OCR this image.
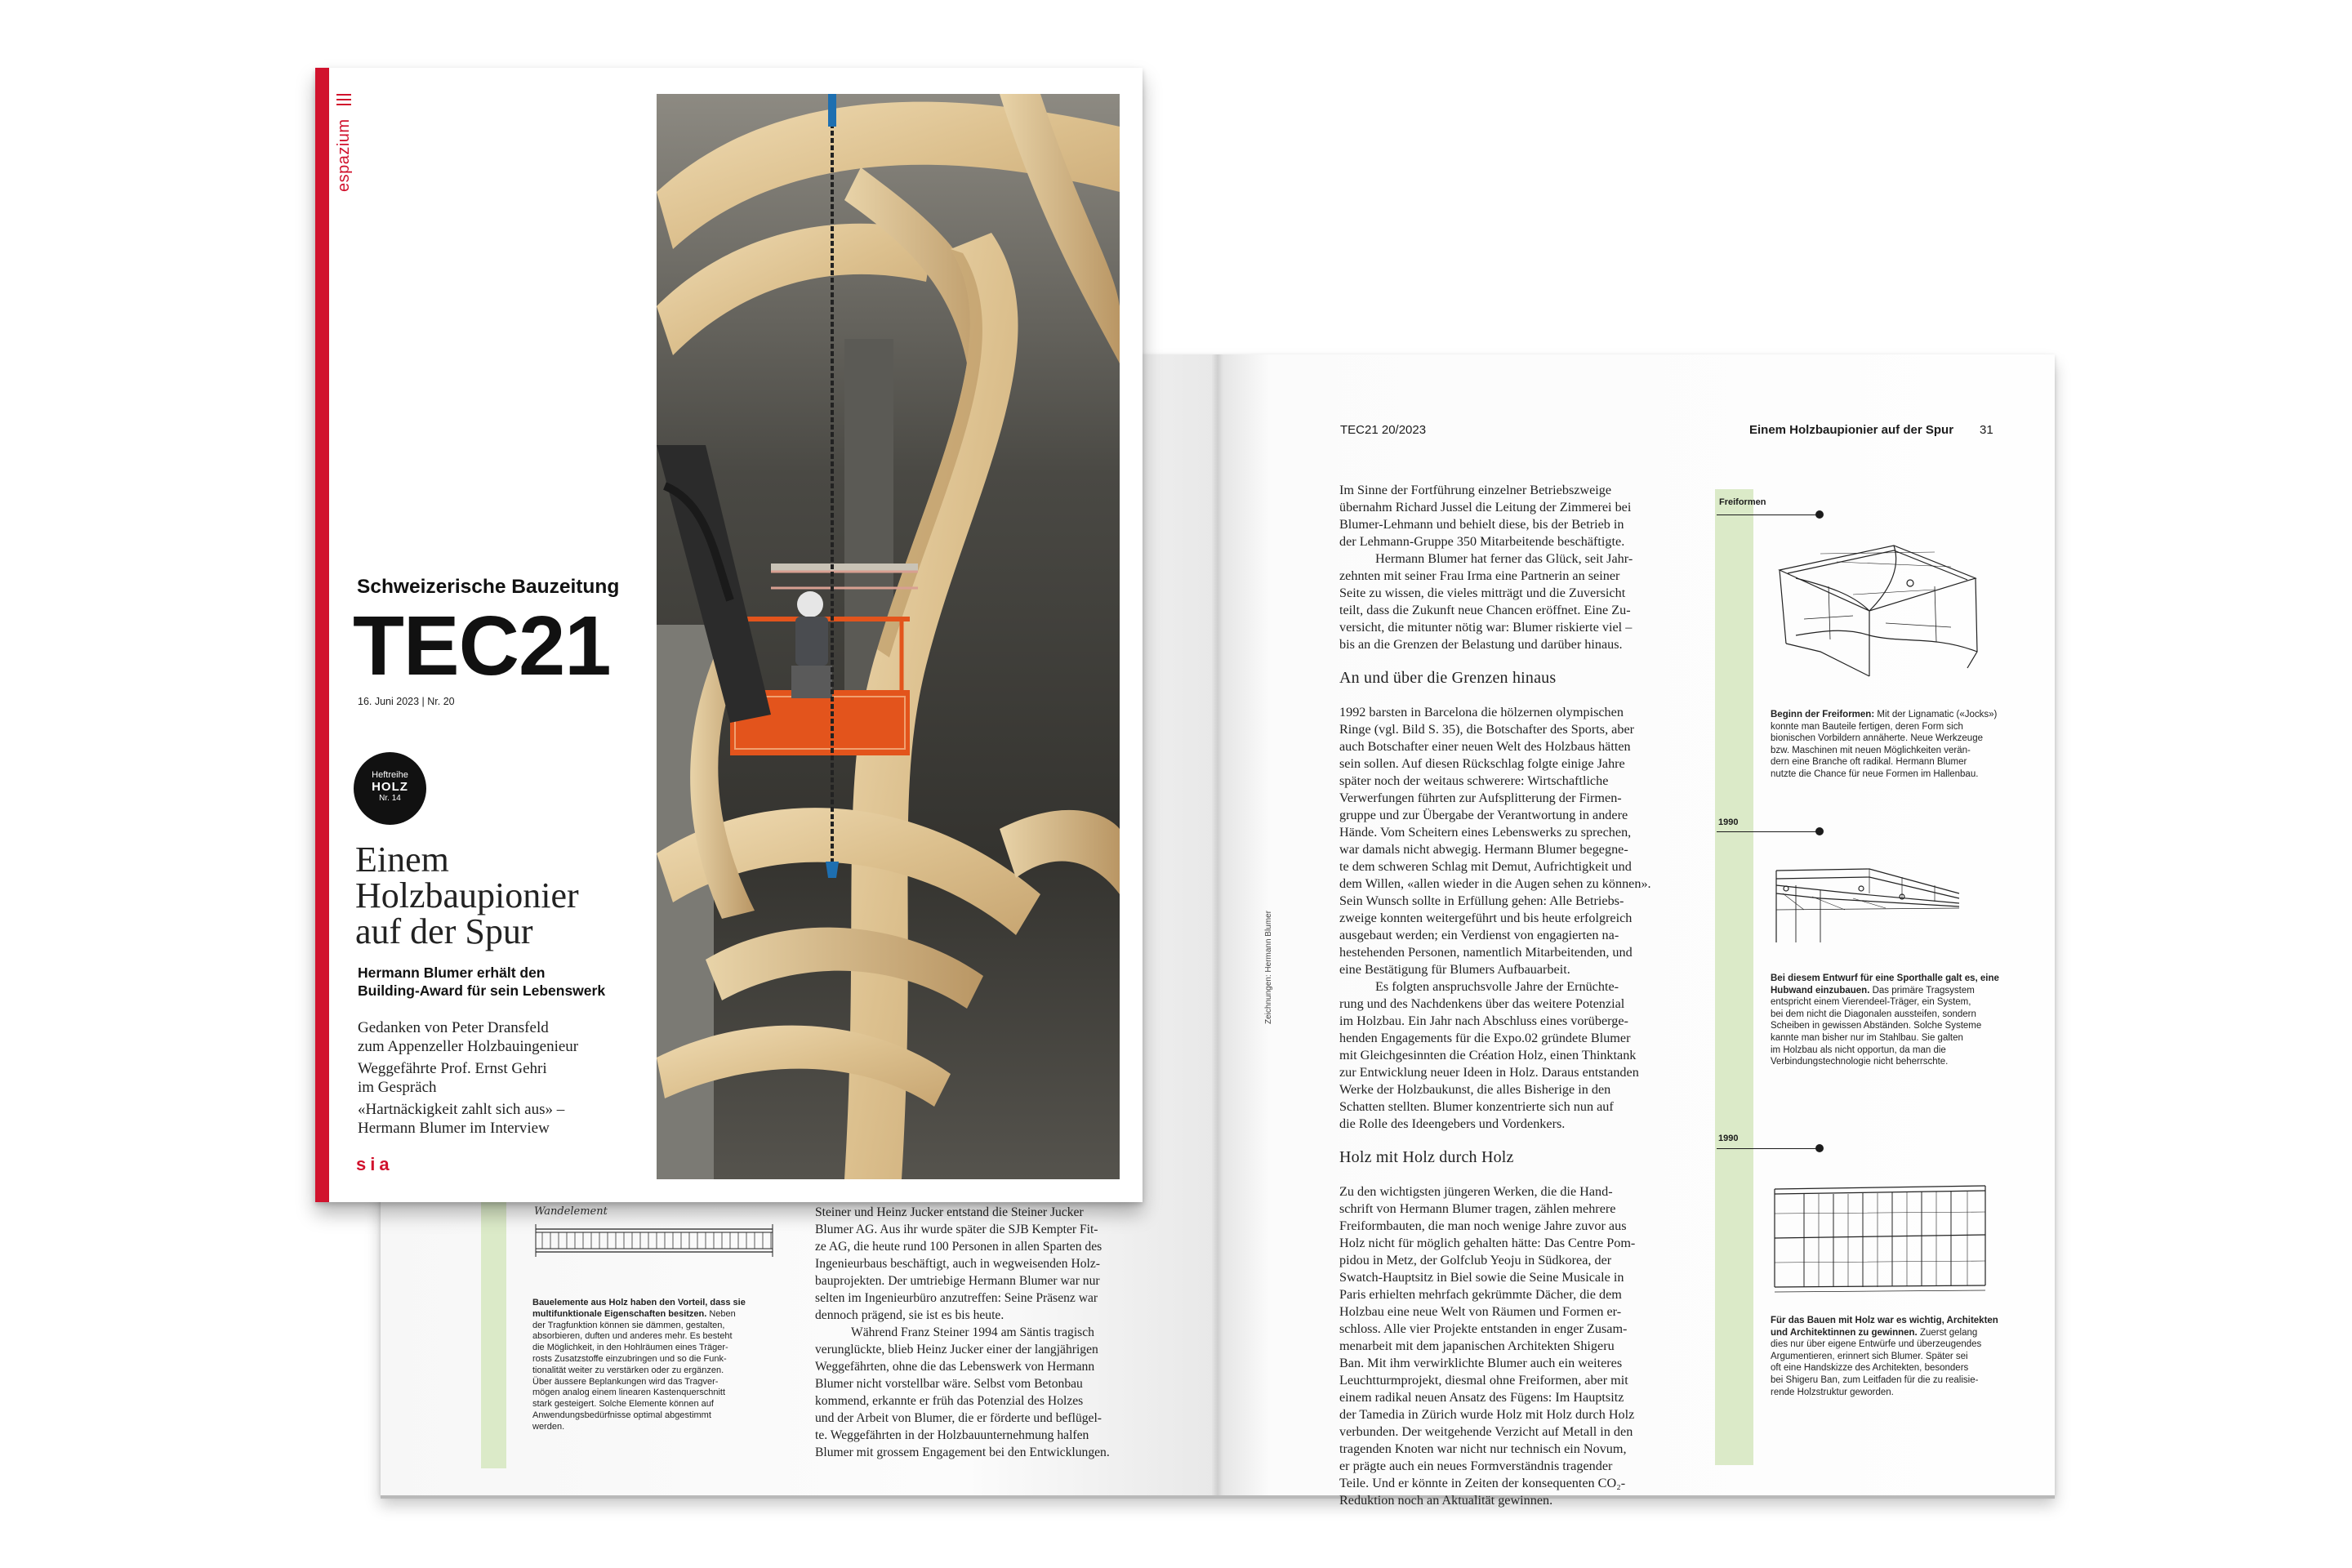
Wandelement
Bauelemente aus Holz haben den Vorteil, dass sie multifunktionale Eigenschaften besitzen. Neben
der Tragfunktion können sie dämmen, gestalten,
absorbieren, duften und anderes mehr. Es besteht
die Möglichkeit, in den Hohlräumen eines Träger-
rosts Zusatzstoffe einzubringen und so die Funk-
tionalität weiter zu verstärken oder zu ergänzen.
Über äussere Beplankungen wird das Tragver-
mögen analog einem linearen Kastenquerschnitt
stark gesteigert. Solche Elemente können auf
Anwendungsbedürfnisse optimal abgestimmt
werden.
Steiner und Heinz Jucker entstand die Steiner Jucker
Blumer AG. Aus ihr wurde später die SJB Kempter Fit-
ze AG, die heute rund 100 Personen in allen Sparten des
Ingenieurbaus beschäftigt, auch in wegweisenden Holz-
bauprojekten. Der umtriebige Hermann Blumer war nur
selten im Ingenieurbüro anzutreffen: Seine Präsenz war
dennoch prägend, sie ist es bis heute.
Während Franz Steiner 1994 am Säntis tragisch
verunglückte, blieb Heinz Jucker einer der langjährigen
Weggefährten, ohne die das Lebenswerk von Hermann
Blumer nicht vorstellbar wäre. Selbst vom Betonbau
kommend, erkannte er früh das Potenzial des Holzes
und der Arbeit von Blumer, die er förderte und beflügel-
te. Weggefährten in der Holzbauunternehmung halfen
Blumer mit grossem Engagement bei den Entwicklungen.
TEC21 20/2023	Einem Holzbaupionier auf der Spur 31
Zeichnungen: Hermann Blumer
Im Sinne der Fortführung einzelner Betriebszweige
übernahm Richard Jussel die Leitung der Zimmerei bei
Blumer-Lehmann und behielt diese, bis der Betrieb in
der Lehmann-Gruppe 350 Mitarbeitende beschäftigte.
Hermann Blumer hat ferner das Glück, seit Jahr-
zehnten mit seiner Frau Irma eine Partnerin an seiner
Seite zu wissen, die vieles mitträgt und die Zuversicht
teilt, dass die Zukunft neue Chancen eröffnet. Eine Zu-
versicht, die mitunter nötig war: Blumer riskierte viel –
bis an die Grenzen der Belastung und darüber hinaus.
An und über die Grenzen hinaus
1992 barsten in Barcelona die hölzernen olympischen
Ringe (vgl. Bild S. 35), die Botschafter des Sports, aber
auch Botschafter einer neuen Welt des Holzbaus hätten
sein sollen. Auf diesen Rückschlag folgte einige Jahre
später noch der weitaus schwerere: Wirtschaftliche
Verwerfungen führten zur Aufsplitterung der Firmen-
gruppe und zur Übergabe der Verantwortung in andere
Hände. Vom Scheitern eines Lebenswerks zu sprechen,
war damals nicht abwegig. Hermann Blumer begegne-
te dem schweren Schlag mit Demut, Aufrichtigkeit und
dem Willen, «allen wieder in die Augen sehen zu können».
Sein Wunsch sollte in Erfüllung gehen: Alle Betriebs-
zweige konnten weitergeführt und bis heute erfolgreich
ausgebaut werden; ein Verdienst von engagierten na-
hestehenden Personen, namentlich Mitarbeitenden, und
eine Bestätigung für Blumers Aufbauarbeit.
Es folgten anspruchsvolle Jahre der Ernüchte-
rung und des Nachdenkens über das weitere Potenzial
im Holzbau. Ein Jahr nach Abschluss eines vorüberge-
henden Engagements für die Expo.02 gründete Blumer
mit Gleichgesinnten die Création Holz, einen Thinktank
zur Entwicklung neuer Ideen in Holz. Daraus entstanden
Werke der Holzbaukunst, die alles Bisherige in den
Schatten stellten. Blumer konzentrierte sich nun auf
die Rolle des Ideengebers und Vordenkers.
Holz mit Holz durch Holz
Zu den wichtigsten jüngeren Werken, die die Hand-
schrift von Hermann Blumer tragen, zählen mehrere
Freiformbauten, die man noch wenige Jahre zuvor aus
Holz nicht für möglich gehalten hätte: Das Centre Pom-
pidou in Metz, der Golfclub Yeoju in Südkorea, der
Swatch-Hauptsitz in Biel sowie die Seine Musicale in
Paris erhielten mehrfach gekrümmte Dächer, die dem
Holzbau eine neue Welt von Räumen und Formen er-
schloss. Alle vier Projekte entstanden in enger Zusam-
menarbeit mit dem japanischen Architekten Shigeru
Ban. Mit ihm verwirklichte Blumer auch ein weiteres
Leuchtturmprojekt, diesmal ohne Freiformen, aber mit
einem radikal neuen Ansatz des Fügens: Im Hauptsitz
der Tamedia in Zürich wurde Holz mit Holz durch Holz
verbunden. Der weitgehende Verzicht auf Metall in den
tragenden Knoten war nicht nur technisch ein Novum,
er prägte auch ein neues Formverständnis tragender
Teile. Und er könnte in Zeiten der konsequenten CO₂-
Reduktion noch an Aktualität gewinnen.
Freiformen
1990
1990
Beginn der Freiformen: Mit der Lignamatic («Jocks»)
konnte man Bauteile fertigen, deren Form sich
bionischen Vorbildern annäherte. Neue Werkzeuge
bzw. Maschinen mit neuen Möglichkeiten verän-
dern eine Branche oft radikal. Hermann Blumer
nutzte die Chance für neue Formen im Hallenbau.
Bei diesem Entwurf für eine Sporthalle galt es, eine
Hubwand einzubauen. Das primäre Tragsystem
entspricht einem Vierendeel-Träger, ein System,
bei dem nicht die Diagonalen aussteifen, sondern
Scheiben in gewissen Abständen. Solche Systeme
kannte man bisher nur im Stahlbau. Sie galten
im Holzbau als nicht opportun, da man die
Verbindungstechnologie nicht beherrschte.
Für das Bauen mit Holz war es wichtig, Architekten
und Architektinnen zu gewinnen. Zuerst gelang
dies nur über eigene Entwürfe und überzeugendes
Argumentieren, erinnert sich Blumer. Später sei
oft eine Handskizze des Architekten, besonders
bei Shigeru Ban, zum Leitfaden für die zu realisie-
rende Holzstruktur geworden.
espazium
Schweizerische Bauzeitung
TEC21
16. Juni 2023 | Nr. 20
Heftreihe
HOLZ
Nr. 14
Einem
Holzbaupionier
auf der Spur
Hermann Blumer erhält den
Building-Award für sein Lebenswerk
Gedanken von Peter Dransfeld
zum Appenzeller Holzbauingenieur
Weggefährte Prof. Ernst Gehri
im Gespräch
«Hartnäckigkeit zahlt sich aus» –
Hermann Blumer im Interview
sia
